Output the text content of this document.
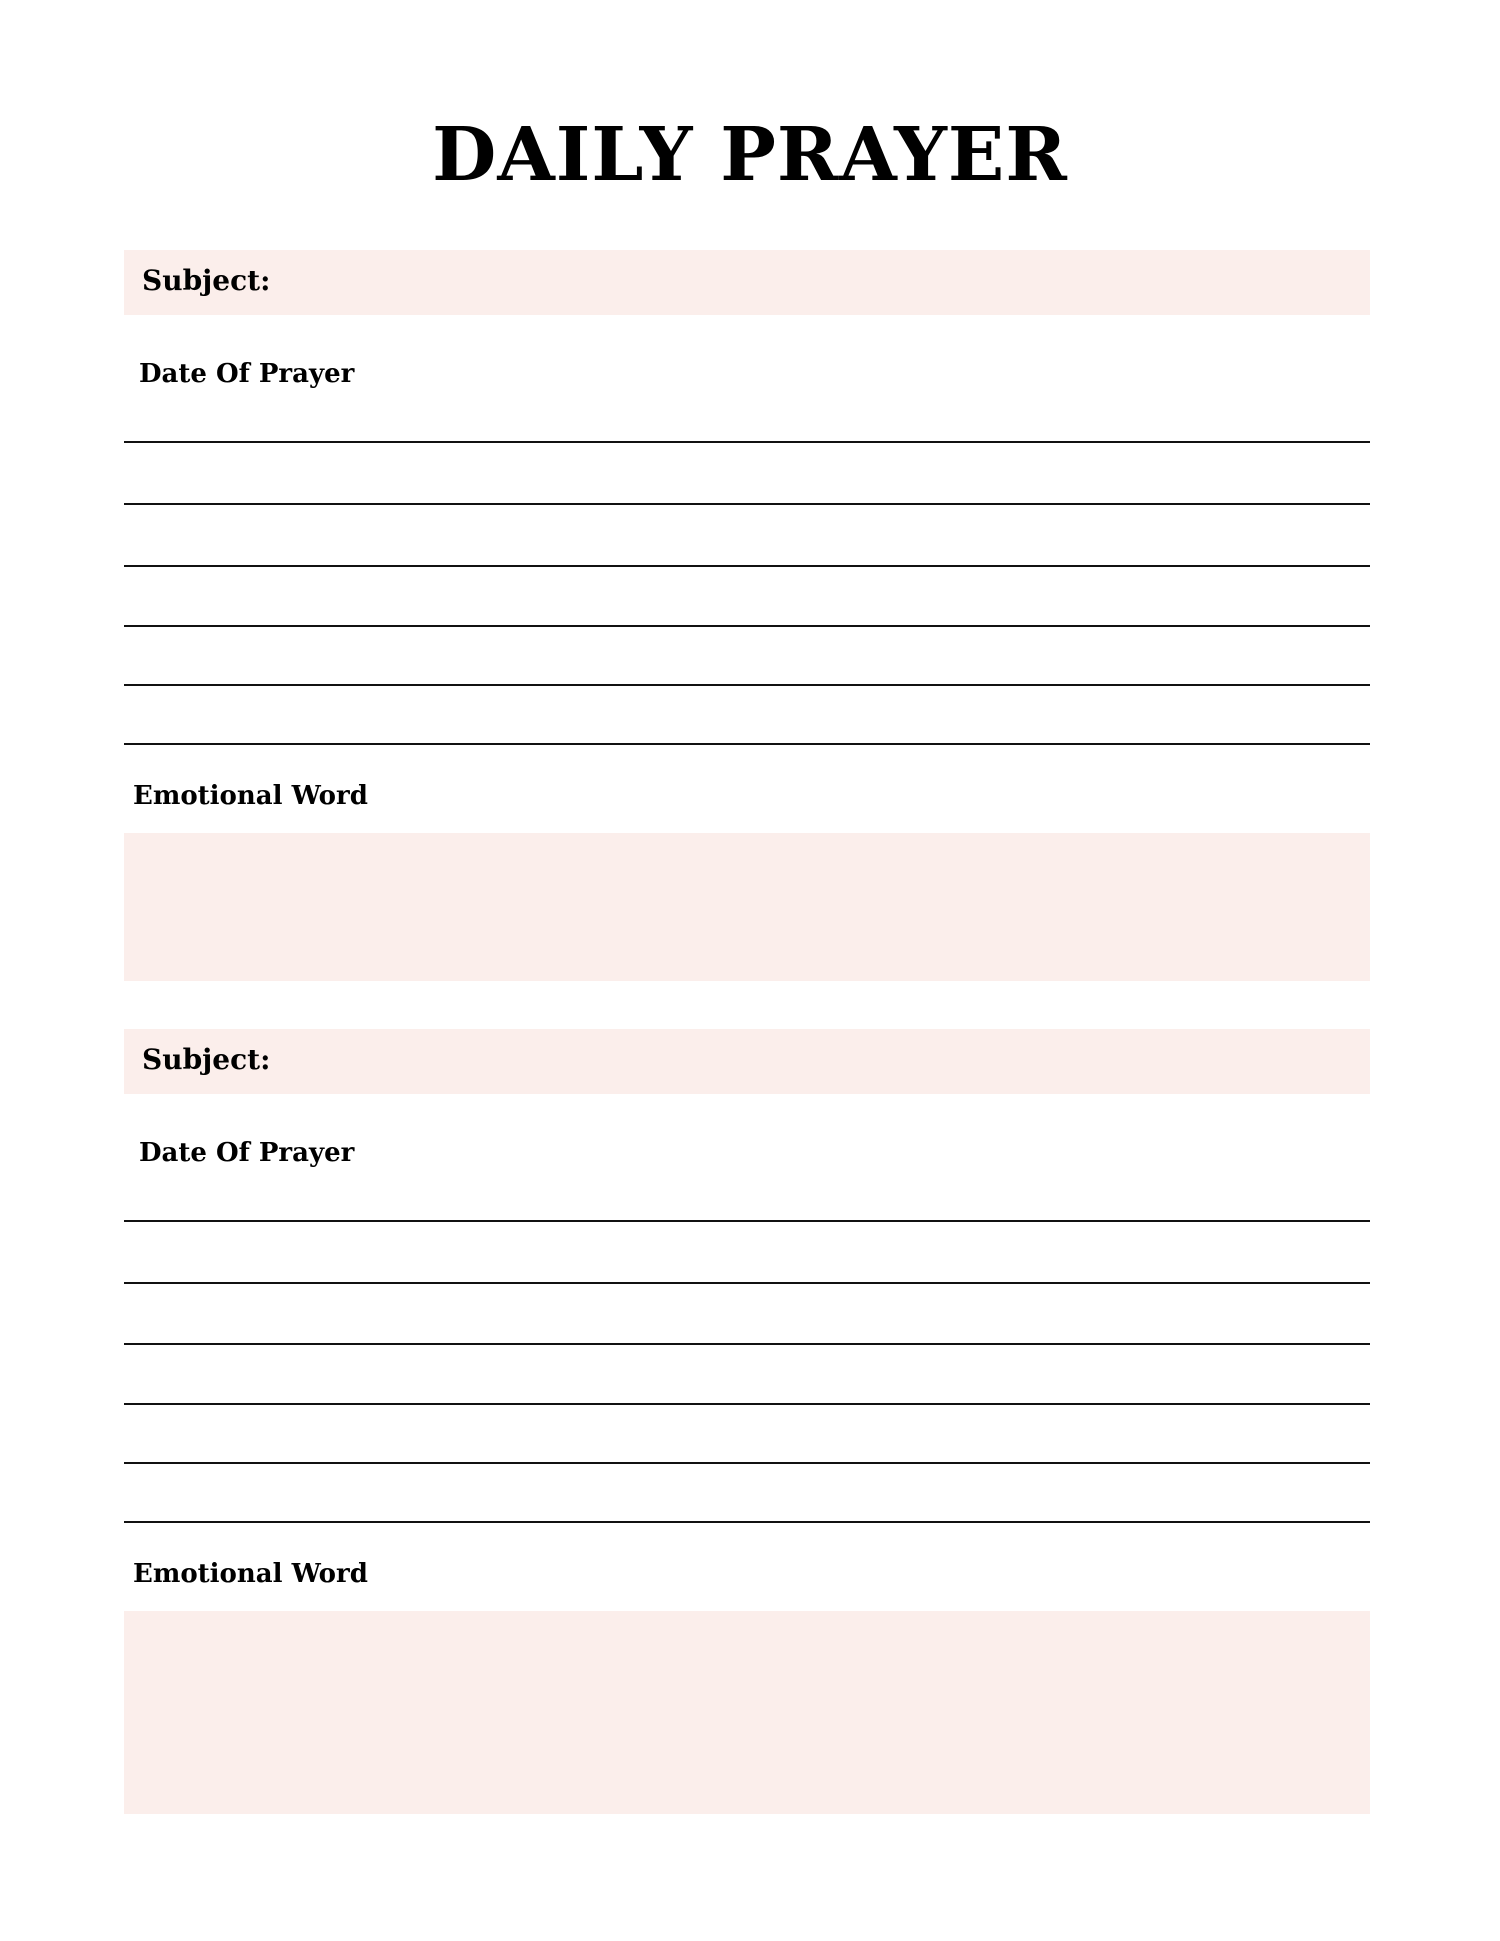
DAILY PRAYER
Subject:
Date Of Prayer
Emotional Word
Subject:
Date Of Prayer
Emotional Word
